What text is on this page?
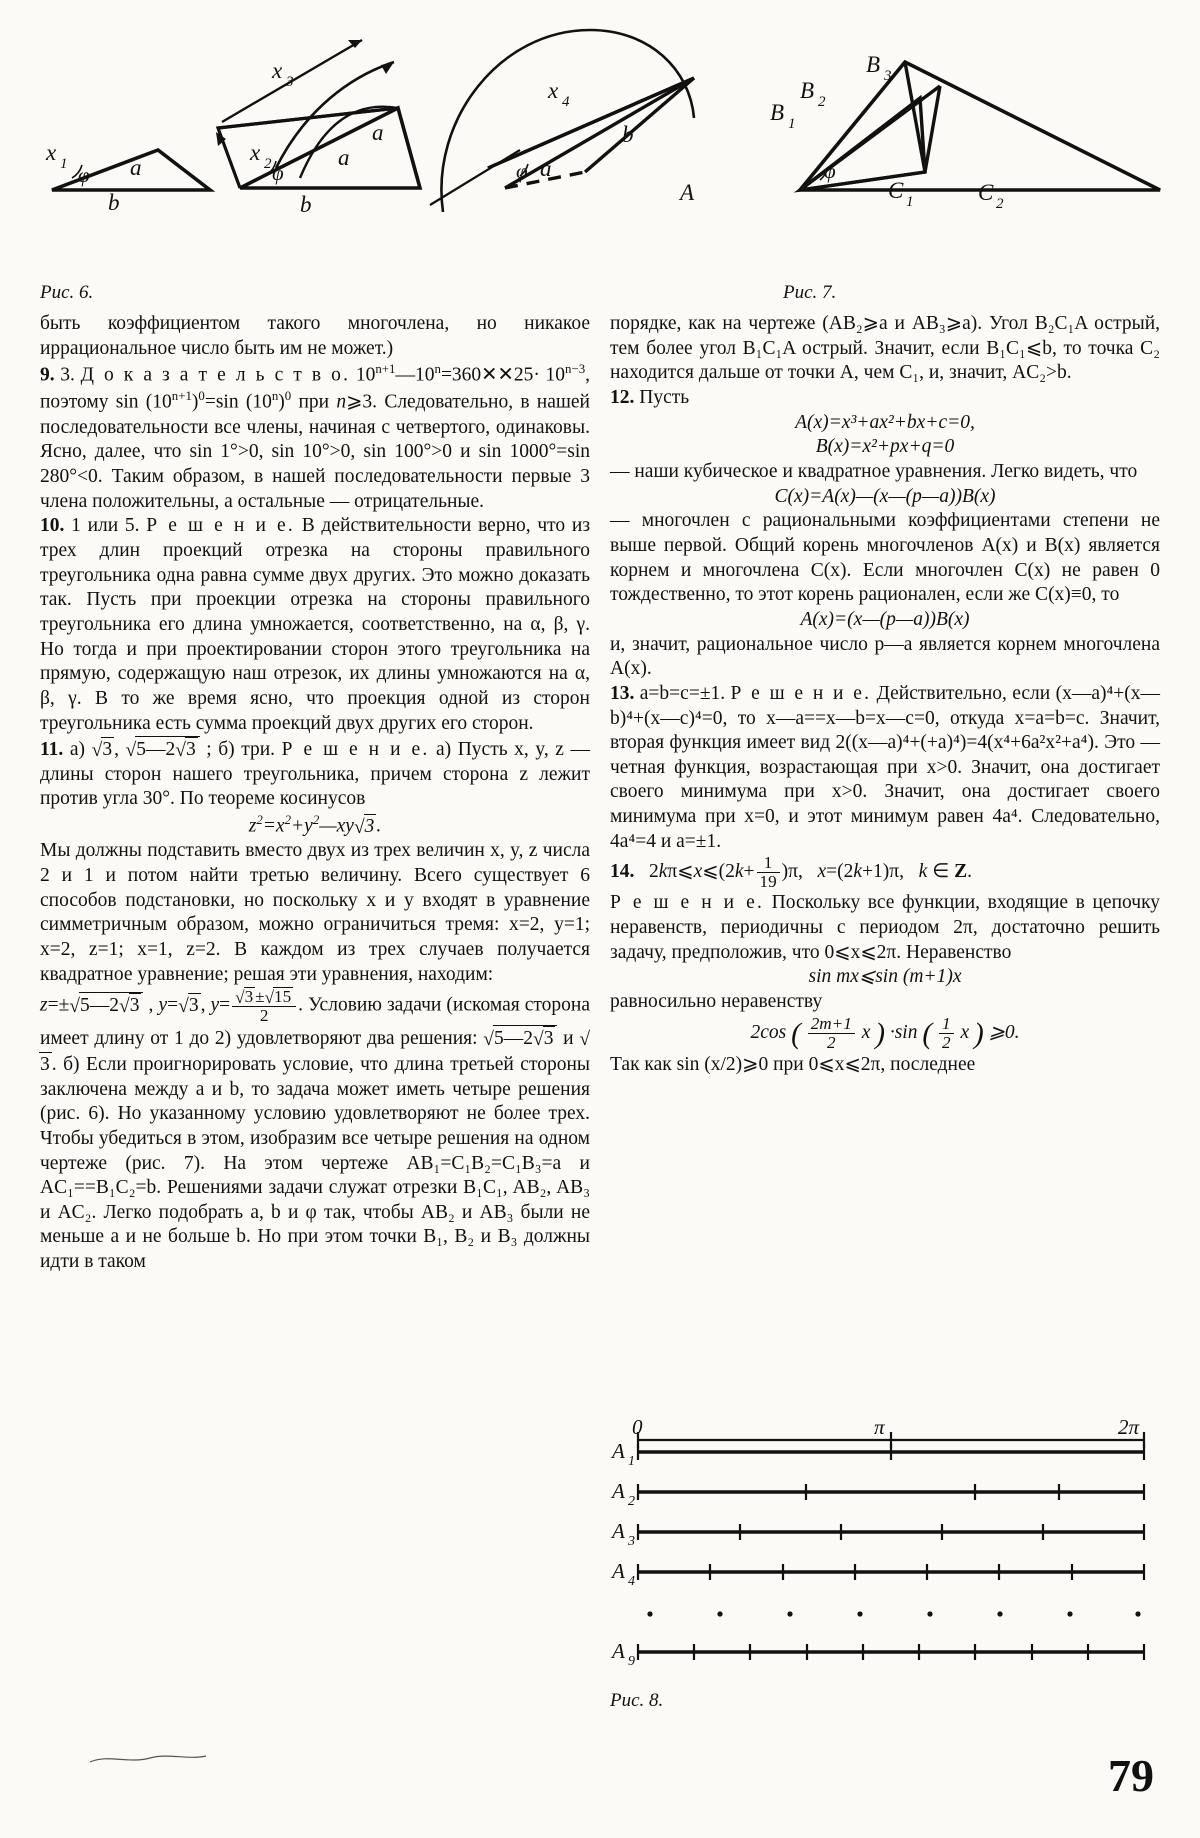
x 1 φ a
b
x 3
x 2 φ
a
a
b
x 4
φ a
b
B 1
B 2
B 3
φ
A	C 1	C 2
Рис. 6.	Рис. 7.

быть коэффициентом такого многочлена, но никакое иррациональное число быть им не может.)

9. 3. Д о к а з а т е л ь с т в о. $10^{n+1}—10^n=360✕✕25\cdot 10^{n-3}$, поэтому $\sin (10^{n+1})^0=\sin$ $(10^n)^0$ при n⩾3. Следовательно, в нашей последовательности все члены, начиная с четвертого, одинаковы. Ясно, далее, что sin 1°>0, sin 10°>0, sin 100°>0 и sin 1000°=sin 280°<0. Таким образом, в нашей последовательности первые 3 члена положительны, а остальные — отрицательные.

10. 1 или 5. Р е ш е н и е. В действительности верно, что из трех длин проекций отрезка на стороны правильного треугольника одна равна сумме двух других. Это можно доказать так. Пусть при проекции отрезка на стороны правильного треугольника его длина умножается, соответственно, на α, β, γ. Но тогда и при проектировании сторон этого треугольника на прямую, содержащую наш отрезок, их длины умножаются на α, β, γ. В то же время ясно, что проекция одной из сторон треугольника есть сумма проекций двух других его сторон.

11. а) √3 , √5—2√3 ; б) три. Р е ш е н и е. а) Пусть x, y, z — длины сторон нашего треугольника, причем сторона z лежит против угла 30°. По теореме косинусов

$z^2=x^2+y^2—xy√3$ .

Мы должны подставить вместо двух из трех величин x, y, z числа 2 и 1 и потом найти третью величину. Всего существует 6 способов подстановки, но поскольку x и y входят в уравнение симметричным образом, можно ограничиться тремя: x=2, y=1; x=2, z=1; x=1, z=2. В каждом из трех случаев получается квадратное уравнение; решая эти уравнения, находим:

z=±√5—2√3 , y=√3 , $y= \frac{√3 \pm√15}{2}$ . Условию задачи (искомая сторона имеет длину от 1 до 2) удовлетворяют два решения: √5—2√3 и √3 . б) Если проигнорировать условие, что длина третьей стороны заключена между a и b, то задача может иметь четыре решения (рис. 6). Но указанному условию удовлетворяют не более трех. Чтобы убедиться в этом, изобразим все четыре решения на одном чертеже (рис. 7). На этом чертеже AB₁=C₁B₂=C₁B₃=a и AC₁==B₁C₂=b. Решениями задачи служат отрезки B₁C₁, AB₂, AB₃ и AC₂. Легко подобрать a, b и φ так, чтобы AB₂ и AB₃ были не меньше a и не больше b. Но при этом точки B₁, B₂ и B₃ должны идти в таком

порядке, как на чертеже (AB₂⩾а и AB₃⩾а). Угол B₂C₁A острый, тем более угол B₁C₁A острый. Значит, если B₁C₁⩽b, то точка C₂ находится дальше от точки A, чем C₁, и, значит, AC₂>b.

12. Пусть

A(x)=x³+ax²+bx+c=0,

B(x)=x²+px+q=0

— наши кубическое и квадратное уравнения. Легко видеть, что

C(x)=A(x)—(x—(p—a))B(x)

— многочлен с рациональными коэффициентами степени не выше первой. Общий корень многочленов A(x) и B(x) является корнем и многочлена C(x). Если многочлен C(x) не равен 0 тождественно, то этот корень рационален, если же C(x)≡0, то

A(x)=(x—(p—a))B(x)

и, значит, рациональное число p—a является корнем многочлена A(x).

13. a=b=c=±1. Р е ш е н и е. Действительно, если (x—a)⁴+(x—b)⁴+(x—c)⁴=0, то x—a==x—b=x—c=0, откуда x=a=b=c. Значит, вторая функция имеет вид 2((x—a)⁴+(+a)⁴)=4(x⁴+6a²x²+a⁴). Это — четная функция, возрастающая при x>0. Значит, она достигает своего минимума при x>0. Значит, она достигает своего минимума при x=0, и этот минимум равен 4a⁴. Следовательно, 4a⁴=4 и a=±1.

14.   2kπ⩽x⩽(2k+ $\frac{1}{19} )\pi$,   x=(2k+1)π,   k ∈ Z.

Р е ш е н и е. Поскольку все функции, входящие в цепочку неравенств, периодичны с периодом 2π, достаточно решить задачу, предположив, что 0⩽x⩽2π. Неравенство

sin mx⩽sin (m+1)x

равносильно неравенству

2cos ( $\frac{2m+1}{2}$ x ) ·sin ( $\frac{1}{2}$ x ) ⩾0.

Так как sin (x/2)⩾0 при 0⩽x⩽2π, последнее

0	π	2π
A 1
A 2
A 3
A 4
A 9
Рис. 8.
79
